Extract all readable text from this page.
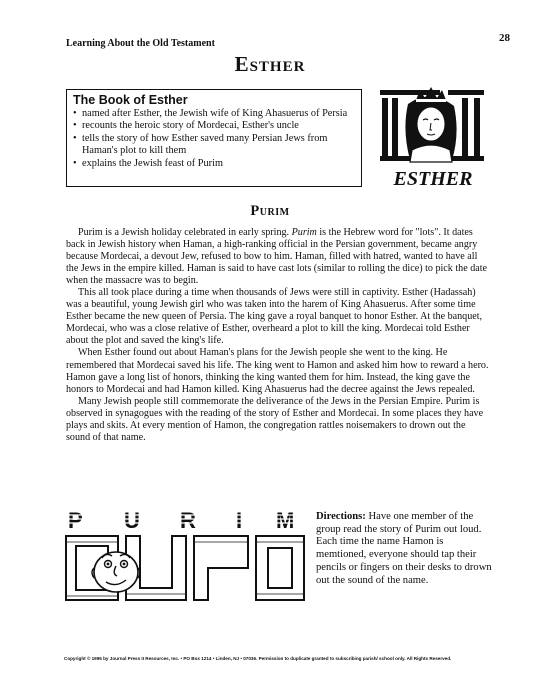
28
Learning About the Old Testament
Esther
The Book of Esther
• named after Esther, the Jewish wife of King Ahasuerus of Persia
• recounts the heroic story of Mordecai, Esther's uncle
• tells the story of how Esther saved many Persian Jews from Haman's plot to kill them
• explains the Jewish feast of Purim
ESTHER
Purim

Purim is a Jewish holiday celebrated in early spring. Purim is the Hebrew word for "lots". It dates back in Jewish history when Haman, a high-ranking official in the Persian government, became angry because Mordecai, a devout Jew, refused to bow to him. Haman, filled with hatred, wanted to have all the Jews in the empire killed. Haman is said to have cast lots (similar to rolling the dice) to pick the date when the massacre was to begin.

This all took place during a time when thousands of Jews were still in captivity. Esther (Hadassah) was a beautiful, young Jewish girl who was taken into the harem of King Ahasuerus. After some time Esther became the new queen of Persia. The king gave a royal banquet to honor Esther. At the banquet, Mordecai, who was a close relative of Esther, overheard a plot to kill the king. Mordecai told Esther about the plot and saved the king's life.

When Esther found out about Haman's plans for the Jewish people she went to the king. He remembered that Mordecai saved his life. The king went to Hamon and asked him how to reward a hero. Hamon gave a long list of honors, thinking the king wanted them for him. Instead, the king gave the honors to Mordecai and had Hamon killed. King Ahasuerus had the decree against the Jews repealed.

Many Jewish people still commemorate the deliverance of the Jews in the Persian Empire. Purim is observed in synagogues with the reading of the story of Esther and Mordecai. In some places they have plays and skits. At every mention of Hamon, the congregation rattles noisemakers to drown out the sound of that name.

P U R I M Directions: Have one member of the group read the story of Purim out loud. Each time the name Hamon is memtioned, everyone should tap their pencils or fingers on their desks to drown out the sound of the name.
Copyright © 1995 by Journal Press II Resources, Inc. • PO Box 1214 • Linden, NJ • 07036. Permission to duplicate granted to subscribing parish/ school only. All Rights Reserved.
